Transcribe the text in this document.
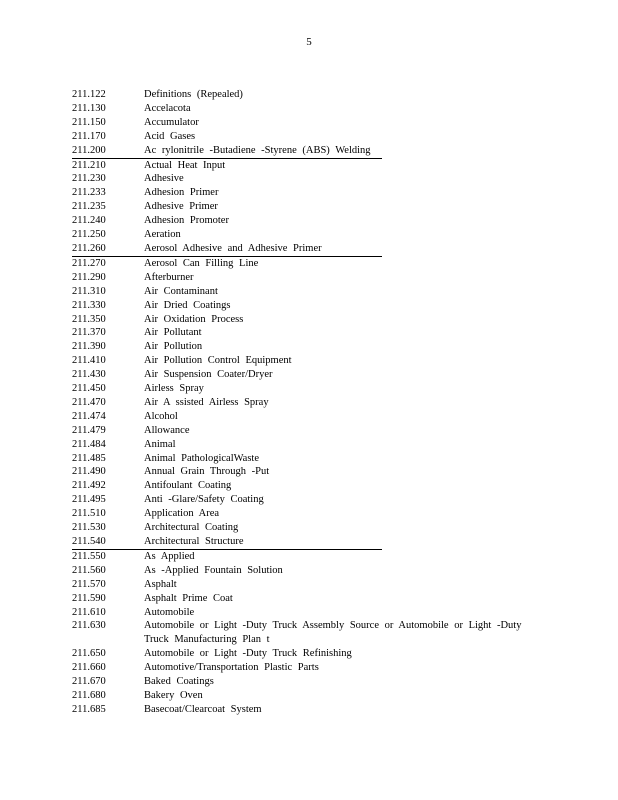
5
211.122	Definitions (Repealed)
211.130	Accelacota
211.150	Accumulator
211.170	Acid Gases
211.200	Ac rylonitrile -Butadiene -Styrene (ABS) Welding
211.210	Actual Heat Input
211.230	Adhesive
211.233	Adhesion Primer
211.235	Adhesive Primer
211.240	Adhesion Promoter
211.250	Aeration
211.260	Aerosol Adhesive and Adhesive Primer
211.270	Aerosol Can Filling Line
211.290	Afterburner
211.310	Air Contaminant
211.330	Air Dried Coatings
211.350	Air Oxidation Process
211.370	Air Pollutant
211.390	Air Pollution
211.410	Air Pollution Control Equipment
211.430	Air Suspension Coater/Dryer
211.450	Airless Spray
211.470	Air A ssisted Airless Spray
211.474	Alcohol
211.479	Allowance
211.484	Animal
211.485	Animal PathologicalWaste
211.490	Annual Grain Through -Put
211.492	Antifoulant Coating
211.495	Anti -Glare/Safety Coating
211.510	Application Area
211.530	Architectural Coating
211.540	Architectural Structure
211.550	As Applied
211.560	As -Applied Fountain Solution
211.570	Asphalt
211.590	Asphalt Prime Coat
211.610	Automobile
211.630	Automobile or Light -Duty Truck Assembly Source or Automobile or Light -Duty Truck Manufacturing Plan t
211.650	Automobile or Light -Duty Truck Refinishing
211.660	Automotive/Transportation Plastic Parts
211.670	Baked Coatings
211.680	Bakery Oven
211.685	Basecoat/Clearcoat System
